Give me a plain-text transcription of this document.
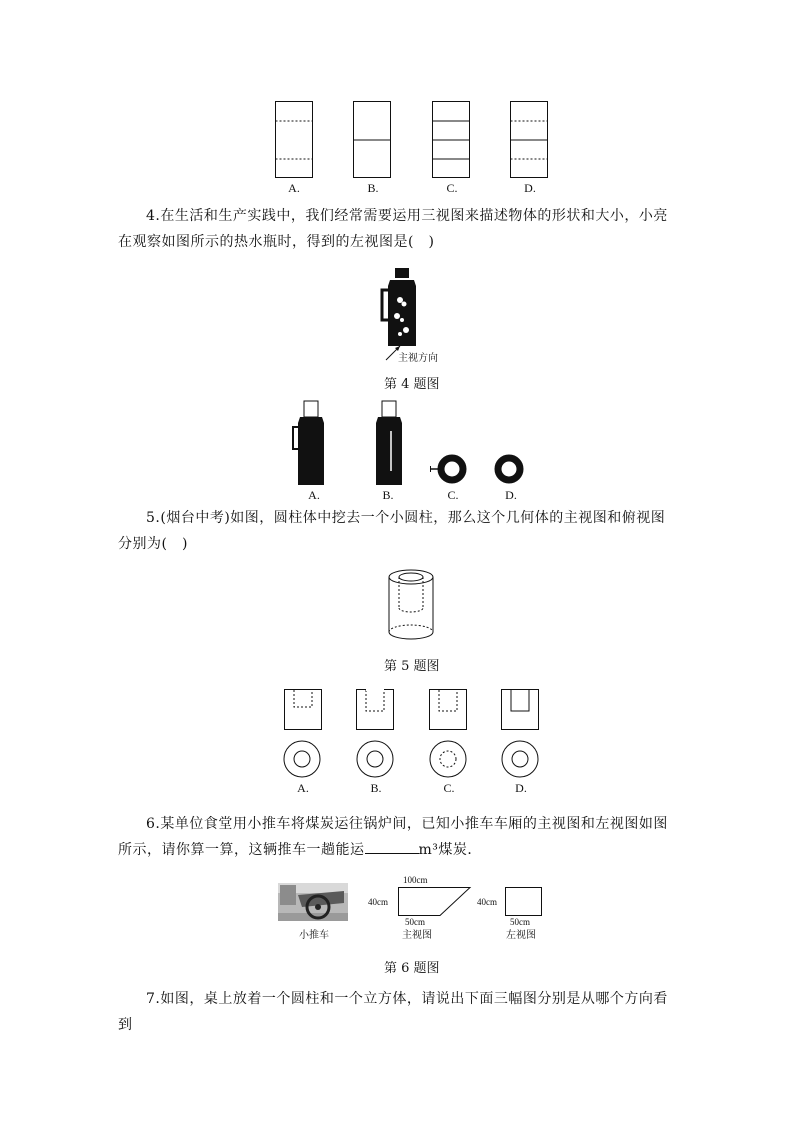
A.	B.	C.	D.
4.在生活和生产实践中，我们经常需要运用三视图来描述物体的形状和大小，小亮在观察如图所示的热水瓶时，得到的左视图是(　)
主视方向
第 4 题图
A.	B.	C.	D.
5.(烟台中考)如图，圆柱体中挖去一个小圆柱，那么这个几何体的主视图和俯视图分别为(　)
第 5 题图
A.	B.	C.	D.
6.某单位食堂用小推车将煤炭运往锅炉间，已知小推车车厢的主视图和左视图如图所示，请你算一算，这辆推车一趟能运	m³煤炭．
小推车
100cm
40cm
50cm
主视图
40cm
50cm
左视图
第 6 题图
7.如图，桌上放着一个圆柱和一个立方体，请说出下面三幅图分别是从哪个方向看到
